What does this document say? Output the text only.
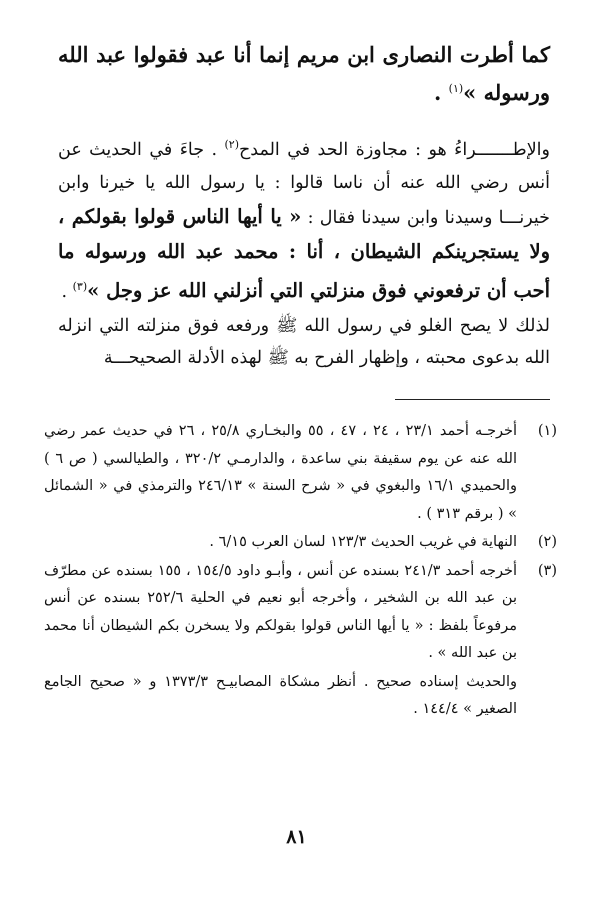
كما أطرت النصارى ابن مريم إنما أنا عبد فقولوا عبد الله ورسوله »$^{(١)}$ .
والإطـــــــراءُ هو : مجاوزة الحد في المدح$^{(٢)}$ . جاءَ في الحديث عن أنس رضي الله عنه أن ناسا قالوا : يا رسول الله يا خيرنا وابن خيرنـــا وسيدنا وابن سيدنا فقال : « يا أيها الناس قولوا بقولكم ، ولا يستجرينكم الشيطان ، أنا : محمد عبد الله ورسوله ما أحب أن ترفعوني فوق منزلتي التي أنزلني الله عز وجل »$^{(٣)}$ .
لذلك لا يصح الغلو في رسول الله ﷺ ورفعه فوق منزلته التي انزله الله بدعوى محبته ، وإظهار الفرح به ﷺ لهذه الأدلة الصحيحـــة
(١)
أخرجـه أحمد ٢٣/١ ، ٢٤ ، ٤٧ ، ٥٥ والبخـاري ٢٥/٨ ، ٢٦ في حديث عمر رضي الله عنه عن يوم سقيفة بني ساعدة ، والدارمـي ٣٢٠/٢ ، والطيالسي ( ص ٦ ) والحميدي ١٦/١ والبغوي في « شرح السنة » ٢٤٦/١٣ والترمذي في « الشمائل » ( برقم ٣١٣ ) .
(٢)
النهاية في غريب الحديث ١٢٣/٣ لسان العرب ٦/١٥ .
(٣)
أخرجه أحمد ٢٤١/٣ بسنده عن أنس ، وأبـو داود ١٥٤/٥ ، ١٥٥ بسنده عن مطرّف بن عبد الله بن الشخير ، وأخرجه أبو نعيم في الحلية ٢٥٢/٦ بسنده عن أنس مرفوعاً بلفظ : « يا أيها الناس قولوا بقولكم ولا يسخرن بكم الشيطان أنا محمد بن عبد الله » .
والحديث إسناده صحيح . أنظر مشكاة المصابيـح ١٣٧٣/٣ و « صحيح الجامع الصغير » ١٤٤/٤ .
٨١
